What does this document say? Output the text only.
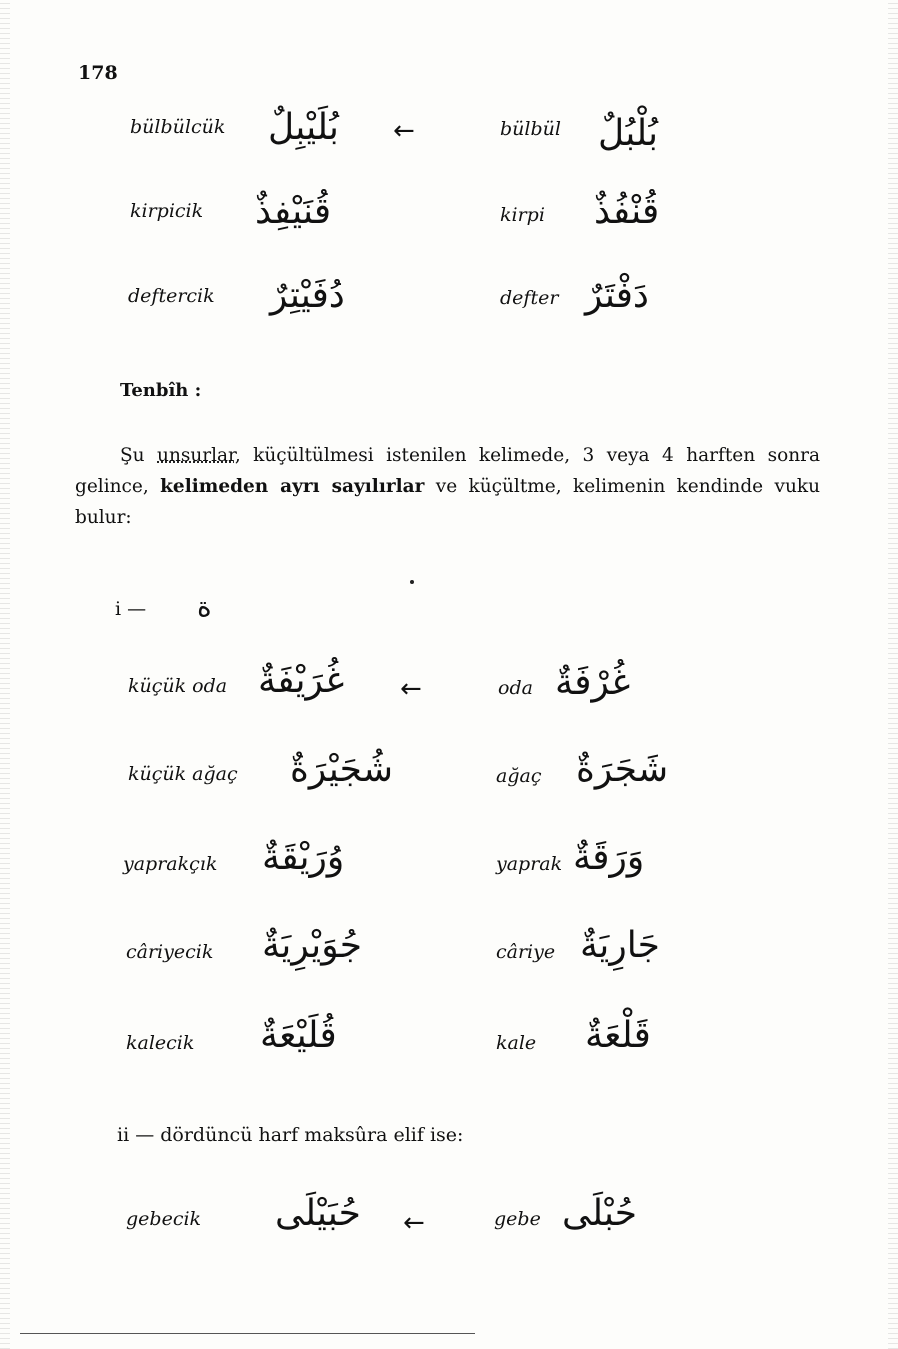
178
bülbülcük بُلَيْبِلٌ ←	bülbül بُلْبُلٌ
kirpicik قُنَيْفِذٌ	kirpi قُنْفُذٌ
deftercik دُفَيْتِرٌ	defter دَفْتَرٌ
Tenbîh :
Şu unsurlar, küçültülmesi istenilen kelimede, 3 veya 4 harften sonra gelince, kelimeden ayrı sayılırlar ve küçültme, kelimenin kendinde vuku bulur:
i — ة
küçük oda غُرَيْفَةٌ ←	oda غُرْفَةٌ
küçük ağaç شُجَيْرَةٌ	ağaç شَجَرَةٌ
yaprakçık وُرَيْقَةٌ	yaprak وَرَقَةٌ
câriyecik جُوَيْرِيَةٌ	câriye جَارِيَةٌ
kalecik قُلَيْعَةٌ	kale قَلْعَةٌ
ii — dördüncü harf maksûra elif ise:
gebecik حُبَيْلَى ←	gebe حُبْلَى
